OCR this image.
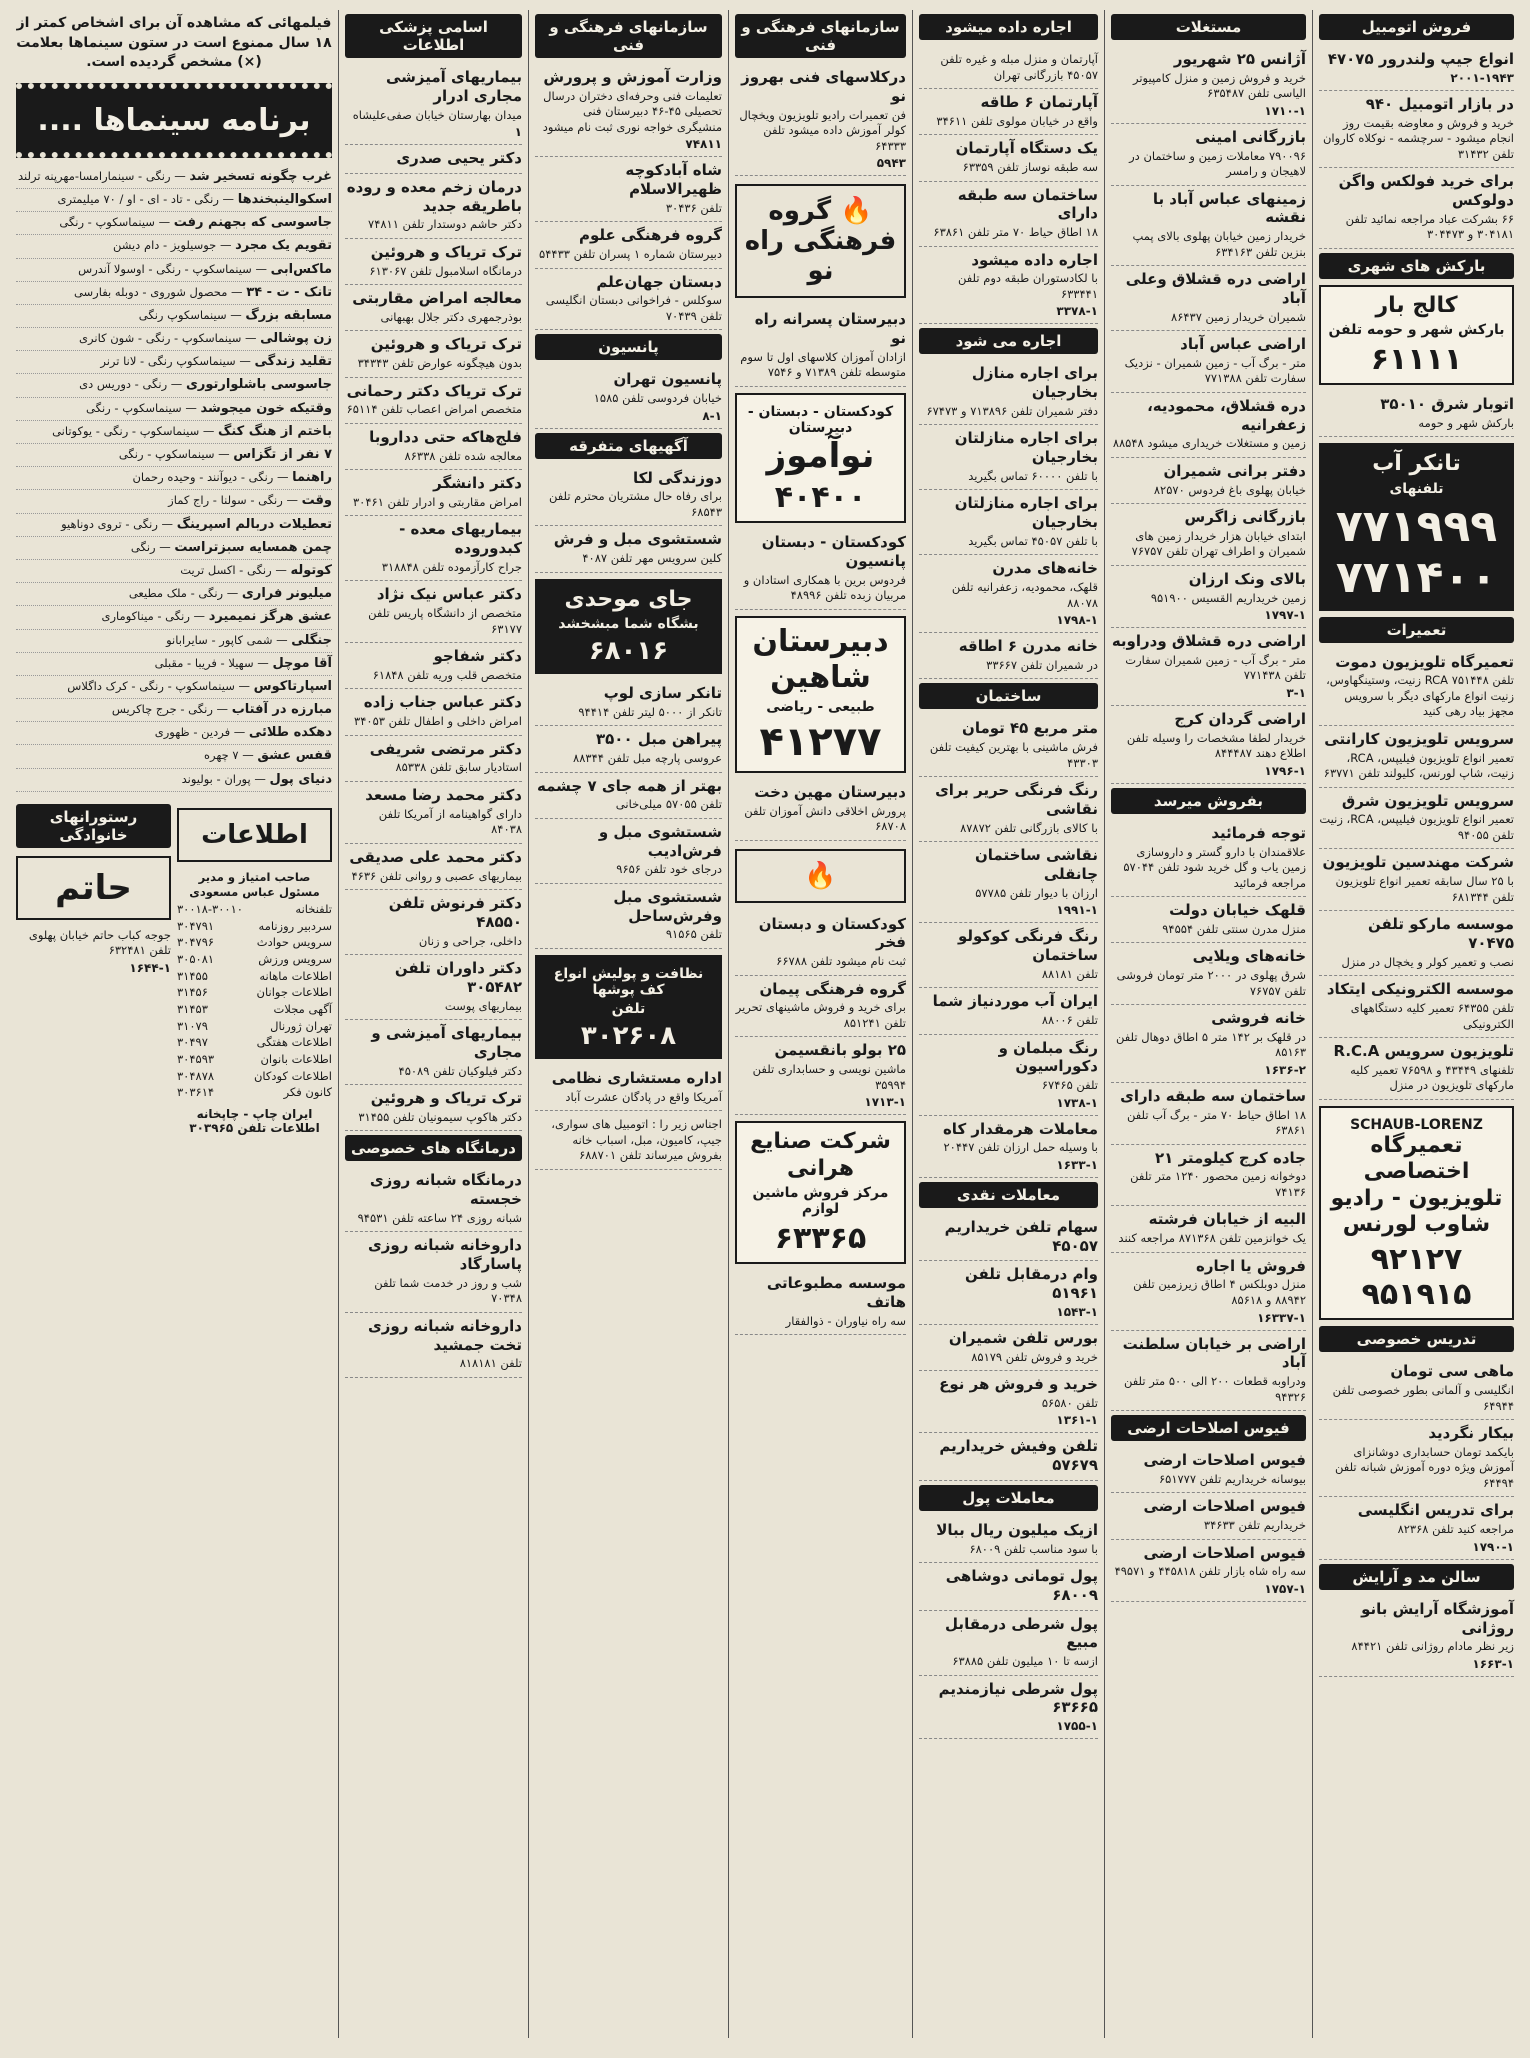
فروش اتومبیل
انواع جیپ ولندرور ۴۷۰۷۵
۲۰۰۱-۱۹۴۳
در بازار اتومبیل ۹۴۰
خرید و فروش و معاوضه بقیمت روز انجام میشود - سرچشمه - نوکلاه کاروان تلفن ۳۱۴۳۲
برای خرید فولکس واگن دولوکس
۶۶ بشرکت عباد مراجعه نمائید تلفن ۳۰۴۱۸۱ و ۳۰۴۴۷۳
بارکش های شهری
کالج بار
بارکش شهر و حومه تلفن
۶۱۱۱۱
اتوبار شرق ۳۵۰۱۰
بارکش شهر و حومه
تانکر آب
تلفنهای
۷۷۱۹۹۹ ۷۷۱۴۰۰
تعمیرات
تعمیرگاه تلویزیون دموت
تلفن ۷۵۱۴۴۸ RCA زنیت، وستینگهاوس، زنیت انواع مارکهای دیگر با سرویس مجهز بیاد رهی کنید
سرویس تلویزیون کارانتی
تعمیر انواع تلویزیون فیلیپس، RCA، زنیت، شاپ لورنس، کلیولند تلفن ۶۳۷۷۱
سرویس تلویزیون شرق
تعمیر انواع تلویزیون فیلیپس، RCA، زنیت تلفن ۹۴۰۵۵
شرکت مهندسین تلویزیون
با ۲۵ سال سابقه تعمیر انواع تلویزیون تلفن ۶۸۱۳۴۴
موسسه مارکو تلفن ۷۰۴۷۵
نصب و تعمیر کولر و یخچال در منزل
موسسه الکترونیکی ایتکاد
تلفن ۶۴۳۵۵ تعمیر کلیه دستگاههای الکترونیکی
تلویزیون سرویس R.C.A
تلفنهای ۴۳۴۴۹ و ۷۶۵۹۸ تعمیر کلیه مارکهای تلویزیون در منزل
SCHAUB-LORENZ
تعمیرگاه اختصاصی تلویزیون - رادیو شاوب لورنس
۹۲۱۲۷ ۹۵۱۹۱۵
تدریس خصوصی
ماهی سی تومان
انگلیسی و آلمانی بطور خصوصی تلفن ۶۴۹۴۴
بیکار نگردید
بایکمد تومان حسابداری دوشانزای آموزش ویژه دوره آموزش شبانه تلفن ۶۴۴۹۴
برای تدریس انگلیسی
مراجعه کنید تلفن ۸۲۳۶۸
۱۷۹۰-۱
سالن مد و آرایش
آموزشگاه آرایش بانو روژانی
زیر نظر مادام روژانی تلفن ۸۴۴۲۱
۱۶۶۳-۱
مستغلات
آژانس ۲۵ شهریور
خرید و فروش زمین و منزل کامپیوتر الیاسی تلفن ۶۳۵۴۸۷
۱۷۱۰-۱
بازرگانی امینی
۷۹۰۰۹۶ معاملات زمین و ساختمان در لاهیجان و رامسر
زمینهای عباس آباد با نقشه
خریدار زمین خیابان پهلوی بالای پمپ بنزین تلفن ۶۳۴۱۶۳
اراضی دره قشلاق وعلی آباد
شمیران خریدار زمین ۸۶۴۳۷
اراضی عباس آباد
متر - برگ آب - زمین شمیران - نزدیک سفارت تلفن ۷۷۱۳۸۸
دره قشلاق، محمودیه، زعفرانیه
زمین و مستغلات خریداری میشود ۸۸۵۴۸
دفتر برانی شمیران
خیابان پهلوی باغ فردوس ۸۲۵۷۰
بازرگانی زاگرس
ابتدای خیابان هزار خریدار زمین های شمیران و اطراف تهران تلفن ۷۶۷۵۷
بالای ونک ارزان
زمین خریداریم القسیس ۹۵۱۹۰۰
۱۷۹۷-۱
اراضی دره قشلاق ودراوبه
متر - برگ آب - زمین شمیران سفارت تلفن ۷۷۱۴۳۸
۳-۱
اراضی گردان کرج
خریدار لطفا مشخصات را وسیله تلفن اطلاع دهند ۸۴۴۴۸۷
۱۷۹۶-۱
بفروش میرسد
توجه فرمائید
علاقمندان با دارو گستر و داروسازی زمین یاب و گل خرید شود تلفن ۵۷۰۴۴ مراجعه فرمائید
قلهک خیابان دولت
منزل مدرن سنتی تلفن ۹۴۵۵۴
خانه‌های ویلایی
شرق پهلوی در ۲۰۰۰ متر تومان فروشی تلفن ۷۶۷۵۷
خانه فروشی
در قلهک بر ۱۴۲ متر ۵ اطاق دوهال تلفن ۸۵۱۶۳
۱۶۳۶-۲
ساختمان سه طبقه دارای
۱۸ اطاق حیاط ۷۰ متر - برگ آب تلفن ۶۳۸۶۱
جاده کرج کیلومتر ۲۱
دوخوانه زمین محصور ۱۲۴۰ متر تلفن ۷۴۱۳۶
البیه از خیابان فرشته
یک خوانزمین تلفن ۸۷۱۳۶۸ مراجعه کنند
فروش یا اجاره
منزل دوبلکس ۴ اطاق زیرزمین تلفن ۸۸۹۴۲ و ۸۵۶۱۸
۱۶۳۳۷-۱
اراضی بر خیابان سلطنت آباد
ودراوبه قطعات ۲۰۰ الی ۵۰۰ متر تلفن ۹۴۳۲۶
فیوس اصلاحات ارضی
فیوس اصلاحات ارضی
بیوسانه خریداریم تلفن ۶۵۱۷۷۷
فیوس اصلاحات ارضی
خریداریم تلفن ۳۴۶۳۳
فیوس اصلاحات ارضی
سه راه شاه بازار تلفن ۴۴۵۸۱۸ و ۴۹۵۷۱
۱۷۵۷-۱
اجاره داده میشود
آپارتمان و منزل مبله و غیره تلفن ۴۵۰۵۷ بازرگانی تهران
آپارتمان ۶ طاقه
واقع در خیابان مولوی تلفن ۳۴۶۱۱
یک دستگاه آپارتمان
سه طبقه نوساز تلفن ۶۳۳۵۹
ساختمان سه طبقه دارای
۱۸ اطاق حیاط ۷۰ متر تلفن ۶۳۸۶۱
اجاره داده میشود
با لکادستوران طبقه دوم تلفن ۶۳۳۴۴۱
۳۳۷۸-۱
اجاره می شود
برای اجاره منازل بخارجیان
دفتر شمیران تلفن ۷۱۳۸۹۶ و ۶۷۴۷۳
برای اجاره منازلتان بخارجیان
با تلفن ۶۰۰۰۰ تماس بگیرید
برای اجاره منازلتان بخارجیان
با تلفن ۴۵۰۵۷ تماس بگیرید
خانه‌های مدرن
قلهک، محمودیه، زعفرانیه تلفن ۸۸۰۷۸
۱۷۹۸-۱
خانه مدرن ۶ اطاقه
در شمیران تلفن ۳۳۶۶۷
ساختمان
متر مربع ۴۵ تومان
فرش ماشینی با بهترین کیفیت تلفن ۴۳۳۰۳
رنگ فرنگی حریر برای نقاشی
با کالای بازرگانی تلفن ۸۷۸۷۲
نقاشی ساختمان چانقلی
ارزان با دیوار تلفن ۵۷۷۸۵
۱۹۹۱-۱
رنگ فرنگی کوکولو ساختمان
تلفن ۸۸۱۸۱
ایران آب موردنیاز شما
تلفن ۸۸۰۰۶
رنگ مبلمان و دکوراسیون
تلفن ۶۷۴۶۵
۱۷۳۸-۱
معاملات هرمقدار کاه
با وسیله حمل ارزان تلفن ۲۰۴۴۷
۱۶۳۳-۱
معاملات نقدی
سهام تلفن خریداریم ۴۵۰۵۷
وام درمقابل تلفن ۵۱۹۶۱
۱۵۴۳-۱
بورس تلفن شمیران
خرید و فروش تلفن ۸۵۱۷۹
خرید و فروش هر نوع
تلفن ۵۶۵۸۰
۱۳۶۱-۱
تلفن وفیش خریداریم ۵۷۶۷۹
معاملات پول
ازیک میلیون ریال ببالا
با سود مناسب تلفن ۶۸۰۰۹
پول تومانی دوشاهی ۶۸۰۰۹
پول شرطی درمقابل مبیع
ازسه تا ۱۰ میلیون تلفن ۶۳۸۸۵
پول شرطی نیازمندیم ۶۳۶۶۵
۱۷۵۵-۱
سازمانهای فرهنگی و فنی
درکلاسهای فنی بهروز نو
فن تعمیرات رادیو تلویزیون ویخچال کولر آموزش داده میشود تلفن ۶۴۳۳۳
۵۹۴۳
🔥 گروه فرهنگی راه نو
دبیرستان پسرانه راه نو
ازادان آموزان کلاسهای اول تا سوم متوسطه تلفن ۷۱۳۸۹ و ۷۵۴۶
کودکستان - دبستان - دبیرستان
نوآموز
۴۰۴۰۰
کودکستان - دبستان پانسیون
فردوس برین با همکاری استادان و مربیان زبده تلفن ۴۸۹۹۶
دبیرستان شاهین
طبیعی - ریاضی
۴۱۲۷۷
دبیرستان مهین دخت
پرورش اخلاقی دانش آموزان تلفن ۶۸۷۰۸
🔥
کودکستان و دبستان فخر
ثبت نام میشود تلفن ۶۶۷۸۸
گروه فرهنگی پیمان
برای خرید و فروش ماشینهای تحریر تلفن ۸۵۱۲۴۱
۲۵ بولو بانقسیمن
ماشین نویسی و حسابداری تلفن ۳۵۹۹۴
۱۷۱۳-۱
شرکت صنایع هرانی
مرکز فروش ماشین لوازم
۶۳۳۶۵
موسسه مطبوعاتی هاتف
سه راه نیاوران - ذوالفقار
سازمانهای فرهنگی و فنی
وزارت آموزش و پرورش
تعلیمات فنی وحرفه‌ای دختران درسال تحصیلی ۴۵-۴۶ دبیرستان فنی منشیگری خواجه نوری ثبت نام میشود
۷۴۸۱۱
شاه آبادکوچه ظهیرالاسلام
تلفن ۳۰۴۳۶
گروه فرهنگی علوم
دبیرستان شماره ۱ پسران تلفن ۵۴۴۳۳
دبستان جهان‌علم
سوکلس - فراخوانی دبستان انگلیسی تلفن ۷۰۴۳۹
پانسیون
پانسیون تهران
خیابان فردوسی تلفن ۱۵۸۵
۸-۱
آگهیهای متفرقه
دوزندگی لکا
برای رفاه حال مشتریان محترم تلفن ۶۸۵۴۳
شستشوی مبل و فرش
کلین سرویس مهر تلفن ۴۰۸۷
جای موحدی
بشگاه شما مبشخشد
۶۸۰۱۶
تانکر سازی لوپ
تانکر از ۵۰۰۰ لیتر تلفن ۹۴۴۱۴
پیراهن مبل ۳۵۰۰
عروسی پارچه مبل تلفن ۸۸۳۴۴
بهتر از همه جای ۷ چشمه
تلفن ۵۷۰۵۵ میلی‌خانی
شستشوی مبل و فرش‌ادیب
درجای خود تلفن ۹۶۵۶
شستشوی مبل وفرش‌ساحل
تلفن ۹۱۵۶۵
نظافت و پولیش انواع کف پوشها
تلفن
۳۰۲۶۰۸
اداره مستشاری نظامی
آمریکا واقع در پادگان عشرت آباد
اجناس زیر را : اتومبیل های سواری، جیپ، کامیون، مبل، اسباب خانه بفروش میرساند تلفن ۶۸۸۷۰۱
اسامی پزشکی اطلاعات
بیماریهای آمیزشی مجاری ادرار
میدان بهارستان خیابان صفی‌علیشاه
۱
دکتر یحیی صدری
درمان زخم معده و روده باطریقه جدید
دکتر حاشم دوستدار تلفن ۷۴۸۱۱
ترک تریاک و هروئین
درمانگاه اسلامبول تلفن ۶۱۳۰۶۷
معالجه امراض مقاربتی
بوذرجمهری دکتر جلال بهبهانی
ترک تریاک و هروئین
بدون هیچگونه عوارض تلفن ۳۴۳۴۳
ترک تریاک دکتر رحمانی
متخصص امراض اعصاب تلفن ۶۵۱۱۴
فلج‌هاکه حتی دداروبا
معالجه شده تلفن ۸۶۳۳۸
دکتر دانشگر
امراض مقاربتی و ادرار تلفن ۳۰۴۶۱
بیماریهای معده - کبدوروده
جراح کارآزموده تلفن ۳۱۸۸۴۸
دکتر عباس نیک نژاد
متخصص از دانشگاه پاریس تلفن ۶۳۱۷۷
دکتر شفاجو
متخصص قلب وریه تلفن ۶۱۸۴۸
دکتر عباس جناب زاده
امراض داخلی و اطفال تلفن ۳۴۰۵۳
دکتر مرتضی شریفی
استادیار سابق تلفن ۸۵۳۳۸
دکتر محمد رضا مسعد
دارای گواهینامه از آمریکا تلفن ۸۴۰۳۸
دکتر محمد علی صدیقی
بیماریهای عصبی و روانی تلفن ۴۶۳۶
دکتر فرنوش تلفن ۴۸۵۵۰
داخلی، جراحی و زنان
دکتر داوران تلفن ۳۰۵۴۸۲
بیماریهای پوست
بیماریهای آمیزشی و مجاری
دکتر فیلوکیان تلفن ۴۵۰۸۹
ترک تریاک و هروئین
دکتر هاکوپ سیمونیان تلفن ۳۱۴۵۵
درمانگاه های خصوصی
درمانگاه شبانه روزی خجسته
شبانه روزی ۲۴ ساعته تلفن ۹۴۵۳۱
داروخانه شبانه روزی پاسارگاد
شب و روز در خدمت شما تلفن ۷۰۳۴۸
داروخانه شبانه روزی تخت جمشید
تلفن ۸۱۸۱۸۱
فیلمهائی که مشاهده آن برای اشخاص کمتر از ۱۸ سال ممنوع است در ستون سینماها بعلامت (×) مشخص گردیده است.
برنامه سینماها ....
غرب چگونه تسخیر شد — رنگی - سینمارامسا-مهرپنه‌ ترلند
اسکوالینبخندها — رنگی - تاد - ای - او / ۷۰ میلیمتری
جاسوسی که بجهنم رفت — سینماسکوپ - رنگی
تقویم یک مجرد — جوسیلویز - دام دیشن
ماکس‌‌ابی — سینماسکوپ - رنگی - اوسولا آندرس
تانک - ت - ۳۴ — محصول شوروی - دوبله بفارسی
مسابقه بزرگ — سینماسکوپ‌ رنگی
زن پوشالی — سینماسکوپ - رنگی - شون کانری
تقلید زندگی — سینماسکوپ رنگی - لانا ترنر
جاسوسی باشلوارتوری — رنگی - دوریس دی
وقتیکه خون میجوشد — سینماسکوپ - رنگی
باختم از هنگ کنگ — سینماسکوپ - رنگی - یوکوتانی
۷ نفر از تگزاس — سینماسکوپ - رنگی
راهنما — رنگی - دیوآنند - وحیده رحمان
وقت — رنگی - سولنا - راج کماز
تعطیلات دربالم اسپرینگ — رنگی - تروی دوناهیو
چمن همسایه سبزتراست — رنگی
کوتوله — رنگی - اکسل تریت
میلیونر فراری — رنگی - ملک مطیعی
عشق هرگز نمیمیرد — رنگی - میناکوماری
جنگلی — شمی کاپور - سایرابانو
آقا موچل — سهیلا - فریبا - مقبلی
اسپارتاکوس — سینماسکوپ - رنگی - کرک داگلاس
مبارزه در آفتاب — رنگی - جرج چاکریس
دهکده طلائی — فردین - ظهوری
قفس عشق — ۷ چهره
دنیای پول — پوران - بولیوند
اطلاعات
صاحب امتیاز و مدیر مسئول عباس مسعودی
تلفنخانه
۳۰۰۱۸-۳۰۰۱۰
سردبیر روزنامه
۳۰۴۷۹۱
سرویس حوادث
۳۰۴۷۹۶
سرویس ورزش
۳۰۵۰۸۱
اطلاعات ماهانه
۳۱۴۵۵
اطلاعات جوانان
۳۱۴۵۶
آگهی مجلات
۳۱۴۵۳
تهران ژورنال
۳۱۰۷۹
اطلاعات هفتگی
۳۰۴۹۷
اطلاعات بانوان
۳۰۴۵۹۳
اطلاعات کودکان
۳۰۴۸۷۸
کانون فکر
۳۰۳۶۱۴
ایران چاپ - چاپخانه اطلاعات تلفن ۳۰۳۹۶۵
رستورانهای خانوادگی
حاتم
جوجه کباب حاتم خیابان پهلوی تلفن ۶۳۲۴۸۱
۱۶۴۴-۱
